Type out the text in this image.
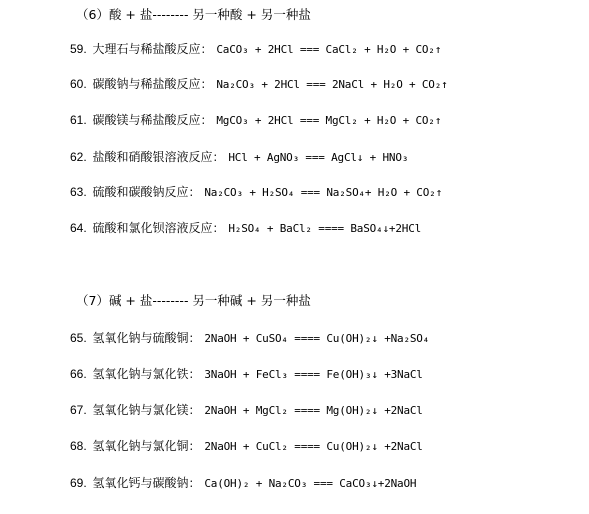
（6）酸 + 盐-------- 另一种酸 + 另一种盐
59. 大理石与稀盐酸反应： CaCO₃ + 2HCl === CaCl₂ + H₂O + CO₂↑
60. 碳酸钠与稀盐酸反应： Na₂CO₃ + 2HCl === 2NaCl + H₂O + CO₂↑
61. 碳酸镁与稀盐酸反应： MgCO₃ + 2HCl === MgCl₂ + H₂O + CO₂↑
62. 盐酸和硝酸银溶液反应： HCl + AgNO₃ === AgCl↓ + HNO₃
63. 硫酸和碳酸钠反应： Na₂CO₃ + H₂SO₄ === Na₂SO₄+ H₂O + CO₂↑
64. 硫酸和氯化钡溶液反应： H₂SO₄ + BaCl₂ ==== BaSO₄↓+2HCl
（7）碱 + 盐-------- 另一种碱 + 另一种盐
65. 氢氧化钠与硫酸铜： 2NaOH + CuSO₄ ==== Cu(OH)₂↓ +Na₂SO₄
66. 氢氧化钠与氯化铁： 3NaOH + FeCl₃ ==== Fe(OH)₃↓ +3NaCl
67. 氢氧化钠与氯化镁： 2NaOH + MgCl₂ ==== Mg(OH)₂↓ +2NaCl
68. 氢氧化钠与氯化铜： 2NaOH + CuCl₂ ==== Cu(OH)₂↓ +2NaCl
69. 氢氧化钙与碳酸钠： Ca(OH)₂ + Na₂CO₃ === CaCO₃↓+2NaOH
